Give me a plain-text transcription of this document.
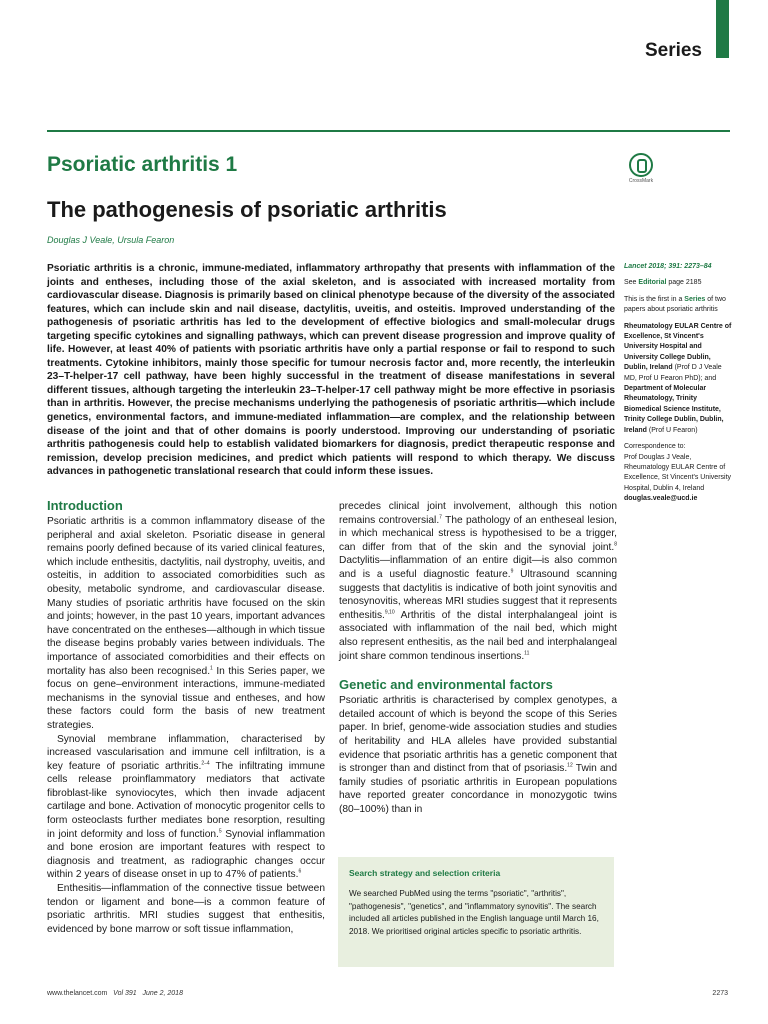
Series
Psoriatic arthritis 1
CrossMark
The pathogenesis of psoriatic arthritis
Douglas J Veale, Ursula Fearon

Psoriatic arthritis is a chronic, immune-mediated, inflammatory arthropathy that presents with inflammation of the joints and entheses, including those of the axial skeleton, and is associated with increased mortality from cardiovascular disease. Diagnosis is primarily based on clinical phenotype because of the diversity of the associated features, which can include skin and nail disease, dactylitis, uveitis, and osteitis. Improved understanding of the pathogenesis of psoriatic arthritis has led to the development of effective biologics and small-molecular drugs targeting specific cytokines and signalling pathways, which can prevent disease progression and improve quality of life. However, at least 40% of patients with psoriatic arthritis have only a partial response or fail to respond to such treatments. Cytokine inhibitors, mainly those specific for tumour necrosis factor and, more recently, the interleukin 23–T-helper-17 cell pathway, have been highly successful in the treatment of disease manifestations in several different tissues, although targeting the interleukin 23–T-helper-17 cell pathway might be more effective in psoriasis than in arthritis. However, the precise mechanisms underlying the pathogenesis of psoriatic arthritis—which include genetics, environmental factors, and immune-mediated inflammation—are complex, and the relationship between disease of the joint and that of other domains is poorly understood. Improving our understanding of psoriatic arthritis pathogenesis could help to establish validated biomarkers for diagnosis, predict therapeutic response and remission, develop precision medicines, and predict which patients will respond to which therapy. We discuss advances in pathogenetic translational research that could inform these issues.

Lancet 2018; 391: 2273–84

See Editorial page 2185

This is the first in a Series of two papers about psoriatic arthritis

Rheumatology EULAR Centre of Excellence, St Vincent's University Hospital and University College Dublin, Dublin, Ireland (Prof D J Veale MD, Prof U Fearon PhD); and Department of Molecular Rheumatology, Trinity Biomedical Science Institute, Trinity College Dublin, Dublin, Ireland (Prof U Fearon)

Correspondence to:
Prof Douglas J Veale, Rheumatology EULAR Centre of Excellence, St Vincent's University Hospital, Dublin 4, Ireland
douglas.veale@ucd.ie

Introduction

Psoriatic arthritis is a common inflammatory disease of the peripheral and axial skeleton. Psoriatic disease in general remains poorly defined because of its varied clinical features, which include enthesitis, dactylitis, nail dystrophy, uveitis, and osteitis, in addition to associated comorbidities such as obesity, metabolic syndrome, and cardiovascular disease. Many studies of psoriatic arthritis have focused on the skin and joints; however, in the past 10 years, important advances have concentrated on the entheses—although in which tissue the disease begins probably varies between individuals. The importance of associated comorbidities and their effects on mortality has also been recognised.$^1$ In this Series paper, we focus on gene–environment interactions, immune-mediated mechanisms in the synovial tissue and entheses, and how these factors could form the basis of new treatment strategies.

Synovial membrane inflammation, characterised by increased vascularisation and immune cell infiltration, is a key feature of psoriatic arthritis.$^{2-4}$ The infiltrating immune cells release proinflammatory mediators that activate fibroblast-like synoviocytes, which then invade adjacent cartilage and bone. Activation of monocytic progenitor cells to form osteoclasts further mediates bone resorption, resulting in joint deformity and loss of function.$^5$ Synovial inflammation and bone erosion are important features with respect to diagnosis and treatment, as radiographic changes occur within 2 years of disease onset in up to 47% of patients.$^6$

Enthesitis—inflammation of the connective tissue between tendon or ligament and bone—is a common feature of psoriatic arthritis. MRI studies suggest that enthesitis, evidenced by bone marrow or soft tissue inflammation,

precedes clinical joint involvement, although this notion remains controversial.$^7$ The pathology of an entheseal lesion, in which mechanical stress is hypothesised to be a trigger, can differ from that of the skin and the synovial joint.$^8$ Dactylitis—inflammation of an entire digit—is also common and is a useful diagnostic feature.$^9$ Ultrasound scanning suggests that dactylitis is indicative of both joint synovitis and tenosynovitis, whereas MRI studies suggest that it represents enthesitis.$^{9,10}$ Arthritis of the distal interphalangeal joint is associated with inflammation of the nail bed, which might also represent enthesitis, as the nail bed and interphalangeal joint share common tendinous insertions.$^{11}$

Genetic and environmental factors

Psoriatic arthritis is characterised by complex genotypes, a detailed account of which is beyond the scope of this Series paper. In brief, genome-wide association studies and studies of heritability and HLA alleles have provided substantial evidence that psoriatic arthritis has a genetic component that is stronger than and distinct from that of psoriasis.$^{12}$ Twin and family studies of psoriatic arthritis in European populations have reported greater concordance in monozygotic twins (80–100%) than in

Search strategy and selection criteria

We searched PubMed using the terms "psoriatic", "arthritis", "pathogenesis", "genetics", and "inflammatory synovitis". The search included all articles published in the English language until March 16, 2018. We prioritised original articles specific to psoriatic arthritis.

www.thelancet.com Vol 391 June 2, 2018	2273
